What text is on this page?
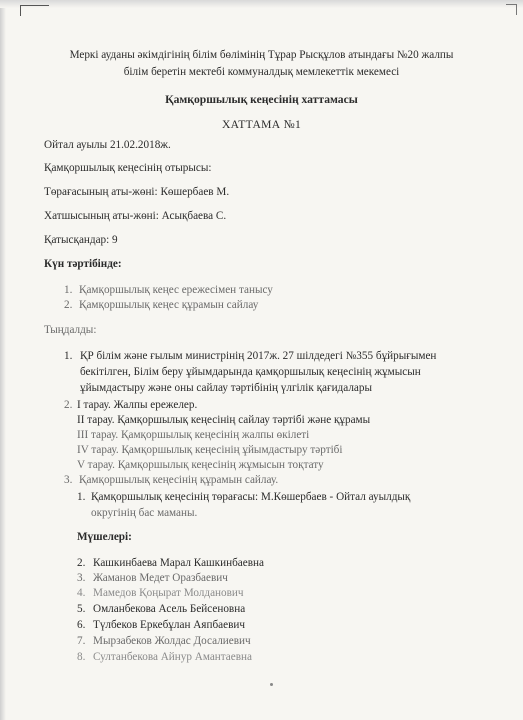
Меркі ауданы әкімдігінің білім бөлімінің Тұрар Рысқұлов атындағы №20 жалпы
білім беретін мектебі коммуналдық мемлекеттік мекемесі
Қамқоршылық кеңесінің хаттамасы
ХАТТАМА №1
Ойтал ауылы 21.02.2018ж.
Қамқоршылық кеңесінің отырысы:
Төрағасының аты-жөні: Көшербаев М.
Хатшысының аты-жөні: Асықбаева С.
Қатысқандар: 9
Күн тәртібінде:
1. Қамқоршылық кеңес ережесімен танысу
2. Қамқоршылық кеңес құрамын сайлау
Тыңдалды:
1. ҚР білім және ғылым министрінің 2017ж. 27 шілдедегі №355 бұйрығымен
бекітілген, Білім беру ұйымдарында қамқоршылық кеңесінің жұмысын
ұйымдастыру және оны сайлау тәртібінің үлгілік қағидалары
2. І тарау. Жалпы ережелер.
ІІ тарау. Қамқоршылық кеңесінің сайлау тәртібі және құрамы
ІІІ тарау. Қамқоршылық кеңесінің жалпы өкілеті
ІV тарау. Қамқоршылық кеңесінің ұйымдастыру тәртібі
V тарау. Қамқоршылық кеңесінің жұмысын тоқтату
3. Қамқоршылық кеңесінің құрамын сайлау.
1. Қамқоршылық кеңесінің төрағасы: М.Көшербаев - Ойтал ауылдық
округінің бас маманы.
Мүшелері:
2. Кашкинбаева Марал Кашкинбаевна
3. Жаманов Медет Оразбаевич
4. Мамедов Қоңырат Молданович
5. Омланбекова Асель Бейсеновна
6. Түлбеков Еркебұлан Аяпбаевич
7. Мырзабеков Жолдас Досалиевич
8. Султанбекова Айнур Амантаевна
